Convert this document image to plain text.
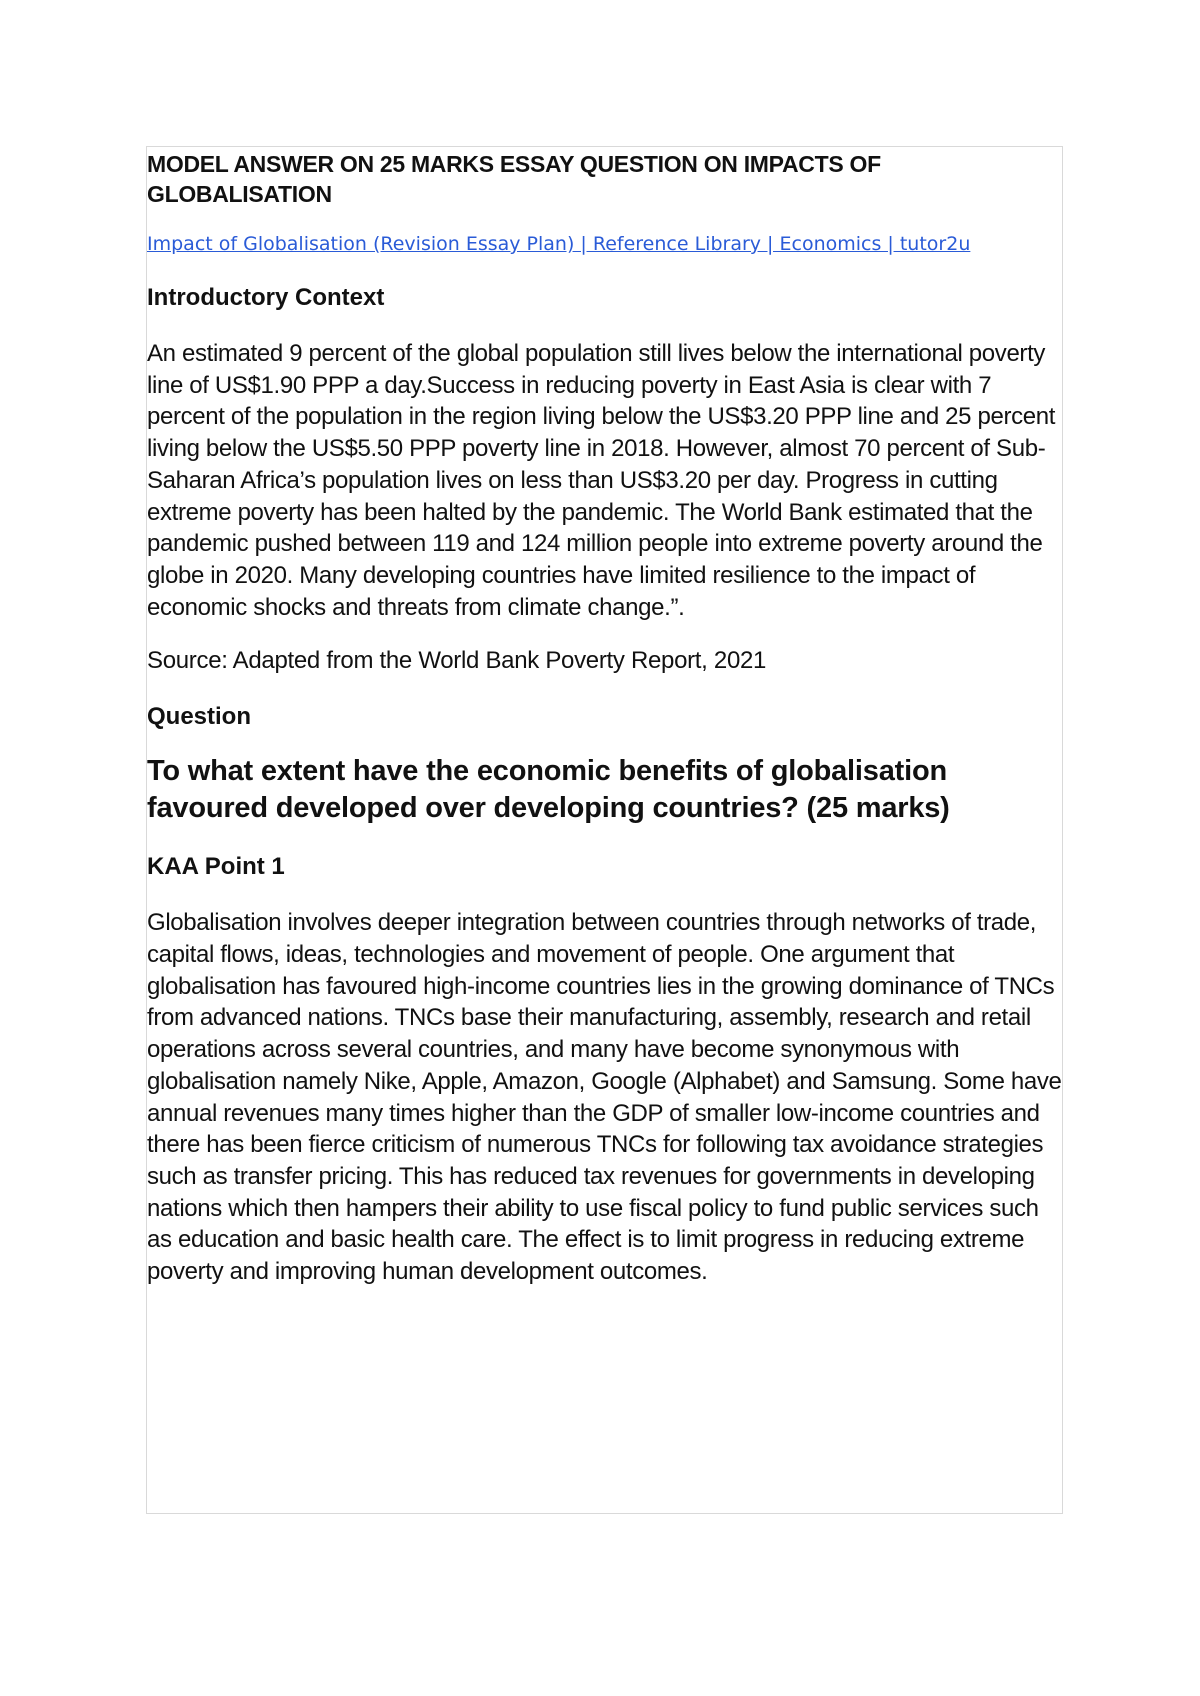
MODEL ANSWER ON 25 MARKS ESSAY QUESTION ON IMPACTS OF GLOBALISATION
Impact of Globalisation (Revision Essay Plan) | Reference Library | Economics | tutor2u
Introductory Context

An estimated 9 percent of the global population still lives below the international poverty line of US$1.90 PPP a day.Success in reducing poverty in East Asia is clear with 7 percent of the population in the region living below the US$3.20 PPP line and 25 percent living below the US$5.50 PPP poverty line in 2018. However, almost 70 percent of Sub-Saharan Africa’s population lives on less than US$3.20 per day. Progress in cutting extreme poverty has been halted by the pandemic. The World Bank estimated that the pandemic pushed between 119 and 124 million people into extreme poverty around the globe in 2020. Many developing countries have limited resilience to the impact of economic shocks and threats from climate change.”.

Source: Adapted from the World Bank Poverty Report, 2021

Question

To what extent have the economic benefits of globalisation favoured developed over developing countries? (25 marks)

KAA Point 1

Globalisation involves deeper integration between countries through networks of trade, capital flows, ideas, technologies and movement of people. One argument that globalisation has favoured high-income countries lies in the growing dominance of TNCs from advanced nations. TNCs base their manufacturing, assembly, research and retail operations across several countries, and many have become synonymous with globalisation namely Nike, Apple, Amazon, Google (Alphabet) and Samsung. Some have annual revenues many times higher than the GDP of smaller low-income countries and there has been fierce criticism of numerous TNCs for following tax avoidance strategies such as transfer pricing. This has reduced tax revenues for governments in developing nations which then hampers their ability to use fiscal policy to fund public services such as education and basic health care. The effect is to limit progress in reducing extreme poverty and improving human development outcomes.
